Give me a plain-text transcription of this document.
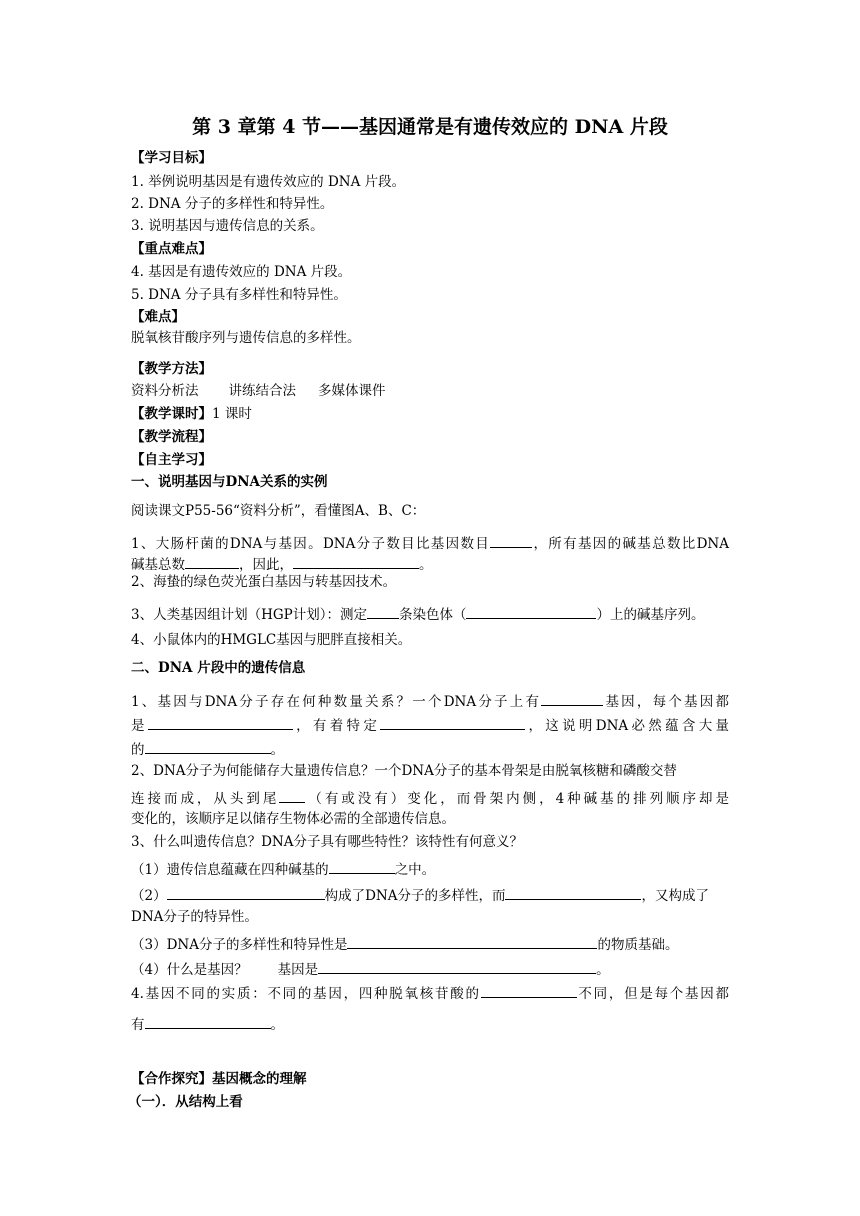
第 3 章第 4 节——基因通常是有遗传效应的 DNA 片段
【学习目标】
1. 举例说明基因是有遗传效应的 DNA 片段。
2. DNA 分子的多样性和特异性。
3. 说明基因与遗传信息的关系。
【重点难点】
4. 基因是有遗传效应的 DNA 片段。
5. DNA 分子具有多样性和特异性。
【难点】
脱氧核苷酸序列与遗传信息的多样性。
【教学方法】
资料分析法 讲练结合法 多媒体课件
【教学课时】1 课时
【教学流程】
【自主学习】
一、说明基因与DNA关系的实例
阅读课文P55-56“资料分析”，看懂图A、B、C：
1、大肠杆菌的DNA与基因。DNA分子数目比基因数目	，所有基因的碱基总数比DNA
碱基总数	，因此，	。
2、海蛰的绿色荧光蛋白基因与转基因技术。
3、人类基因组计划（HGP计划）：测定 条染色体（	）上的碱基序列。
4、小鼠体内的HMGLC基因与肥胖直接相关。
二、DNA 片段中的遗传信息
1、基因与DNA分子存在何种数量关系？一个DNA分子上有	基因，每个基因都
是	，有着特定	，这说明DNA必然蕴含大量
的	。
2、DNA分子为何能储存大量遗传信息？一个DNA分子的基本骨架是由脱氧核糖和磷酸交替
连接而成，从头到尾 （有或没有）变化，而骨架内侧，4种碱基的排列顺序却是
变化的，该顺序足以储存生物体必需的全部遗传信息。
3、什么叫遗传信息？DNA分子具有哪些特性？该特性有何意义？
（1）遗传信息蕴藏在四种碱基的	之中。
（2）	构成了DNA分子的多样性，而	，又构成了
DNA分子的特异性。
（3）DNA分子的多样性和特异性是	的物质基础。
（4）什么是基因？ 基因是	。
4.基因不同的实质：不同的基因，四种脱氧核苷酸的	不同，但是每个基因都
有	。
【合作探究】基因概念的理解
（一）．从结构上看
